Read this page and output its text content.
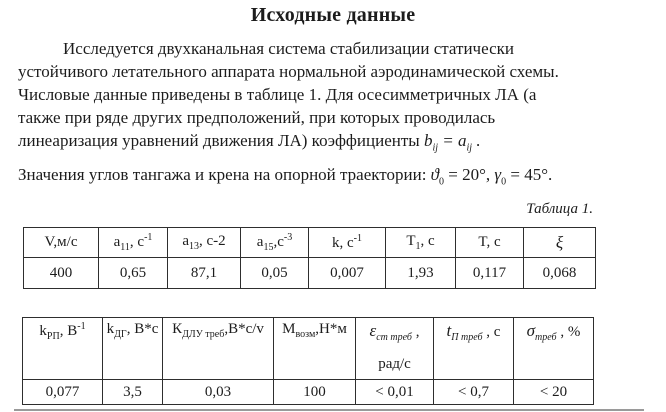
Исходные данные
Исследуется двухканальная система стабилизации статически
устойчивого летательного аппарата нормальной аэродинамической схемы.
Числовые данные приведены в таблице 1. Для осесимметричных ЛА (а
также при ряде других предположений, при которых проводилась
линеаризация уравнений движения ЛА) коэффициенты $b_{ij} = a_{ij}$ .
Значения углов тангажа и крена на опорной траектории: $ϑ_0 = 20^\circ$, $\gamma_0 = 45^\circ$.
Таблица 1.
V,м/с	$a_{11}$, $c^{-1}$	$a_{13}$, с-2	$a_{15},c^{-3}$	k, $c^{-1}$	$T_1$, c	T, c	ξ
400	0,65	87,1	0,05	0,007	1,93	0,117	0,068
$k_{РП}$, $В^{-1}$	$k_{ДГ}$, В*с	$К_{ДЛУ треб},В*с/v$	$М_{возм},Н*м$	$\varepsilon_{ст треб}$ ,
рад/с	$t_{П треб}$ , с	$\sigma_{треб}$ , %
0,077	3,5	0,03	100	< 0,01	< 0,7	< 20
